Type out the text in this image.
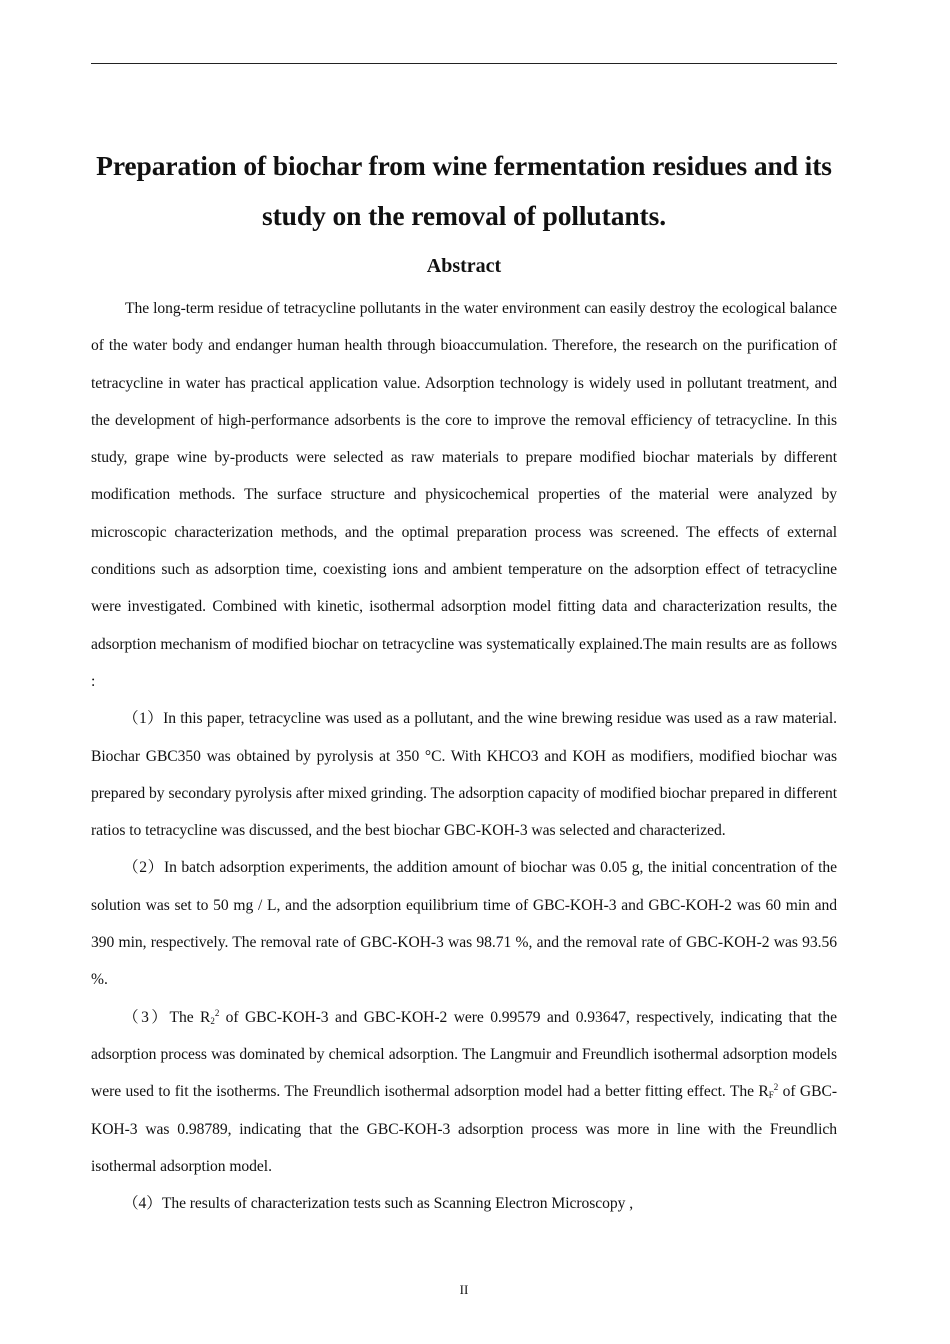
Preparation of biochar from wine fermentation residues and its study on the removal of pollutants.
Abstract

The long-term residue of tetracycline pollutants in the water environment can easily destroy the ecological balance of the water body and endanger human health through bioaccumulation. Therefore, the research on the purification of tetracycline in water has practical application value. Adsorption technology is widely used in pollutant treatment, and the development of high-performance adsorbents is the core to improve the removal efficiency of tetracycline. In this study, grape wine by-products were selected as raw materials to prepare modified biochar materials by different modification methods. The surface structure and physicochemical properties of the material were analyzed by microscopic characterization methods, and the optimal preparation process was screened. The effects of external conditions such as adsorption time, coexisting ions and ambient temperature on the adsorption effect of tetracycline were investigated. Combined with kinetic, isothermal adsorption model fitting data and characterization results, the adsorption mechanism of modified biochar on tetracycline was systematically explained.The main results are as follows :

（1）In this paper, tetracycline was used as a pollutant, and the wine brewing residue was used as a raw material. Biochar GBC350 was obtained by pyrolysis at 350 °C. With KHCO3 and KOH as modifiers, modified biochar was prepared by secondary pyrolysis after mixed grinding. The adsorption capacity of modified biochar prepared in different ratios to tetracycline was discussed, and the best biochar GBC-KOH-3 was selected and characterized.

（2）In batch adsorption experiments, the addition amount of biochar was 0.05 g, the initial concentration of the solution was set to 50 mg / L, and the adsorption equilibrium time of GBC-KOH-3 and GBC-KOH-2 was 60 min and 390 min, respectively. The removal rate of GBC-KOH-3 was 98.71 %, and the removal rate of GBC-KOH-2 was 93.56 %.

（3）The $R_2^2$ of GBC-KOH-3 and GBC-KOH-2 were 0.99579 and 0.93647, respectively, indicating that the adsorption process was dominated by chemical adsorption. The Langmuir and Freundlich isothermal adsorption models were used to fit the isotherms. The Freundlich isothermal adsorption model had a better fitting effect. The $R_F^2$ of GBC-KOH-3 was 0.98789, indicating that the GBC-KOH-3 adsorption process was more in line with the Freundlich isothermal adsorption model.

（4）The results of characterization tests such as Scanning Electron Microscopy ,

II
